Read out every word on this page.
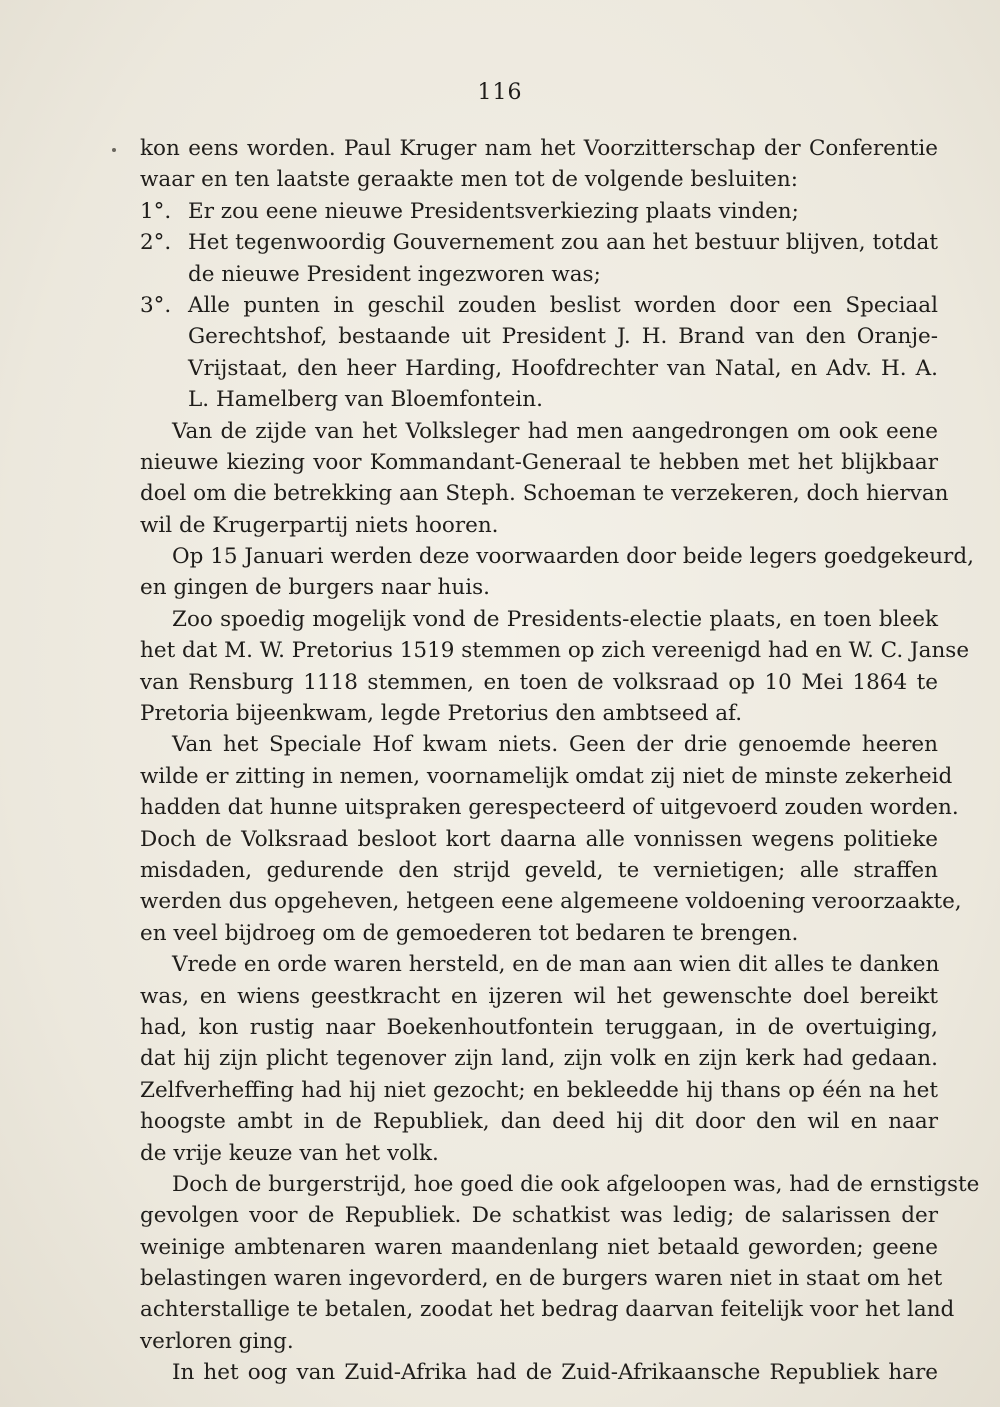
116
kon eens worden. Paul Kruger nam het Voorzitterschap der Conferentie
waar en ten laatste geraakte men tot de volgende besluiten:
1°. Er zou eene nieuwe Presidentsverkiezing plaats vinden;
2°. Het tegenwoordig Gouvernement zou aan het bestuur blijven, totdat
de nieuwe President ingezworen was;
3°. Alle punten in geschil zouden beslist worden door een Speciaal
Gerechtshof, bestaande uit President J. H. Brand van den Oranje-
Vrijstaat, den heer Harding, Hoofdrechter van Natal, en Adv. H. A.
L. Hamelberg van Bloemfontein.
Van de zijde van het Volksleger had men aangedrongen om ook eene
nieuwe kiezing voor Kommandant-Generaal te hebben met het blijkbaar
doel om die betrekking aan Steph. Schoeman te verzekeren, doch hiervan
wil de Krugerpartij niets hooren.
Op 15 Januari werden deze voorwaarden door beide legers goedgekeurd,
en gingen de burgers naar huis.
Zoo spoedig mogelijk vond de Presidents-electie plaats, en toen bleek
het dat M. W. Pretorius 1519 stemmen op zich vereenigd had en W. C. Janse
van Rensburg 1118 stemmen, en toen de volksraad op 10 Mei 1864 te
Pretoria bijeenkwam, legde Pretorius den ambtseed af.
Van het Speciale Hof kwam niets. Geen der drie genoemde heeren
wilde er zitting in nemen, voornamelijk omdat zij niet de minste zekerheid
hadden dat hunne uitspraken gerespecteerd of uitgevoerd zouden worden.
Doch de Volksraad besloot kort daarna alle vonnissen wegens politieke
misdaden, gedurende den strijd geveld, te vernietigen; alle straffen
werden dus opgeheven, hetgeen eene algemeene voldoening veroorzaakte,
en veel bijdroeg om de gemoederen tot bedaren te brengen.
Vrede en orde waren hersteld, en de man aan wien dit alles te danken
was, en wiens geestkracht en ijzeren wil het gewenschte doel bereikt
had, kon rustig naar Boekenhoutfontein teruggaan, in de overtuiging,
dat hij zijn plicht tegenover zijn land, zijn volk en zijn kerk had gedaan.
Zelfverheffing had hij niet gezocht; en bekleedde hij thans op één na het
hoogste ambt in de Republiek, dan deed hij dit door den wil en naar
de vrije keuze van het volk.
Doch de burgerstrijd, hoe goed die ook afgeloopen was, had de ernstigste
gevolgen voor de Republiek. De schatkist was ledig; de salarissen der
weinige ambtenaren waren maandenlang niet betaald geworden; geene
belastingen waren ingevorderd, en de burgers waren niet in staat om het
achterstallige te betalen, zoodat het bedrag daarvan feitelijk voor het land
verloren ging.
In het oog van Zuid-Afrika had de Zuid-Afrikaansche Republiek hare
